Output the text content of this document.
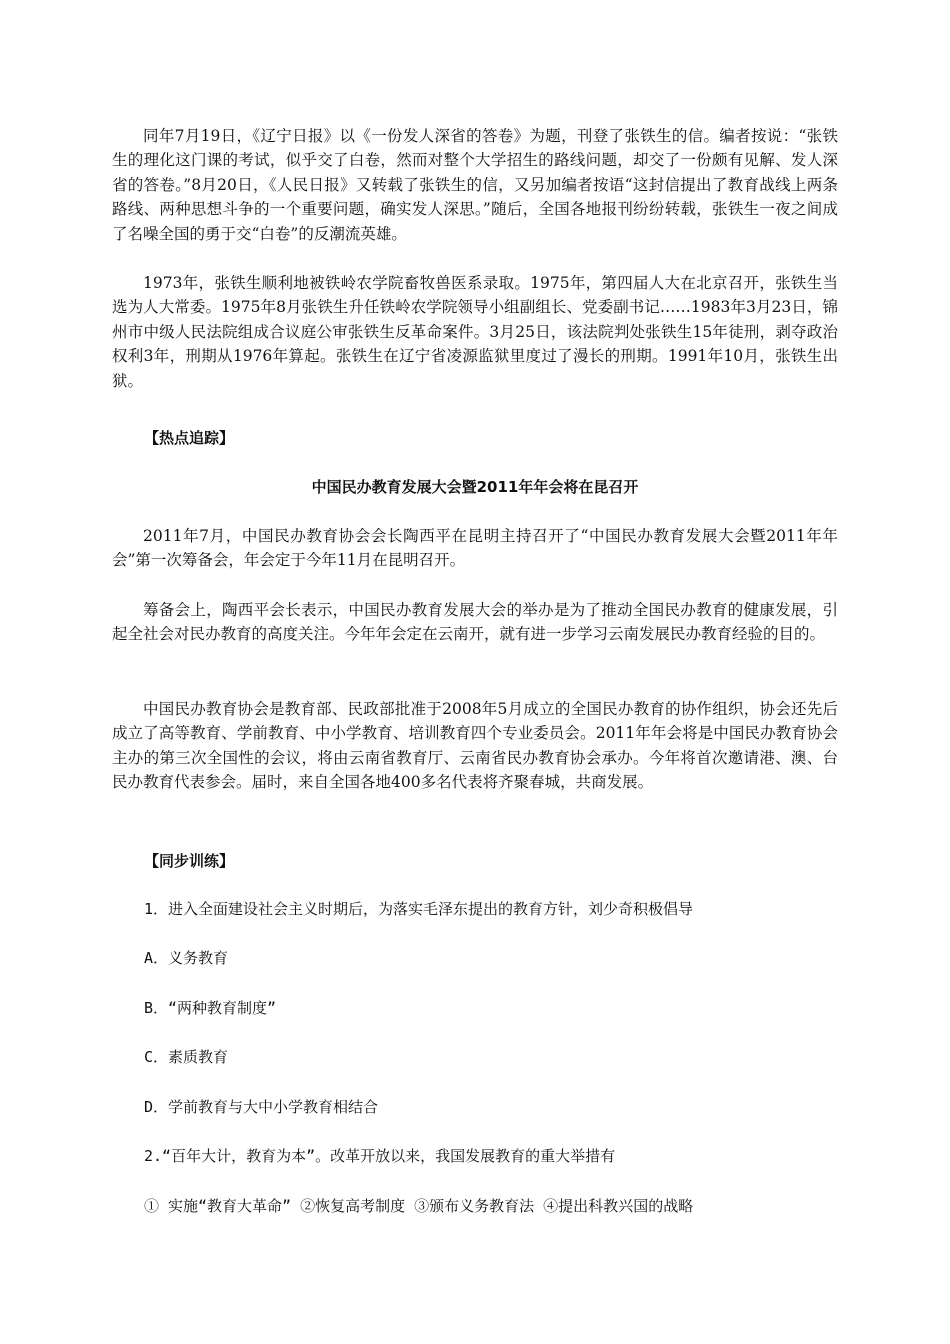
同年7月19日，《辽宁日报》以《一份发人深省的答卷》为题，刊登了张铁生的信。编者按说：“张铁生的理化这门课的考试，似乎交了白卷，然而对整个大学招生的路线问题，却交了一份颇有见解、发人深省的答卷。”8月20日，《人民日报》又转载了张铁生的信，又另加编者按语“这封信提出了教育战线上两条路线、两种思想斗争的一个重要问题，确实发人深思。”随后，全国各地报刊纷纷转载，张铁生一夜之间成了名噪全国的勇于交“白卷”的反潮流英雄。

1973年，张铁生顺利地被铁岭农学院畜牧兽医系录取。1975年，第四届人大在北京召开，张铁生当选为人大常委。1975年8月张铁生升任铁岭农学院领导小组副组长、党委副书记……1983年3月23日，锦州市中级人民法院组成合议庭公审张铁生反革命案件。3月25日，该法院判处张铁生15年徒刑，剥夺政治权利3年，刑期从1976年算起。张铁生在辽宁省凌源监狱里度过了漫长的刑期。1991年10月，张铁生出狱。

【热点追踪】

中国民办教育发展大会暨2011年年会将在昆召开

2011年7月，中国民办教育协会会长陶西平在昆明主持召开了“中国民办教育发展大会暨2011年年会”第一次筹备会，年会定于今年11月在昆明召开。

筹备会上，陶西平会长表示，中国民办教育发展大会的举办是为了推动全国民办教育的健康发展，引起全社会对民办教育的高度关注。今年年会定在云南开，就有进一步学习云南发展民办教育经验的目的。

中国民办教育协会是教育部、民政部批准于2008年5月成立的全国民办教育的协作组织，协会还先后成立了高等教育、学前教育、中小学教育、培训教育四个专业委员会。2011年年会将是中国民办教育协会主办的第三次全国性的会议，将由云南省教育厅、云南省民办教育协会承办。今年将首次邀请港、澳、台民办教育代表参会。届时，来自全国各地400多名代表将齐聚春城，共商发展。

【同步训练】

1．进入全面建设社会主义时期后，为落实毛泽东提出的教育方针，刘少奇积极倡导

A．义务教育

B．“两种教育制度”

C．素质教育

D．学前教育与大中小学教育相结合

2.“百年大计，教育为本”。改革开放以来，我国发展教育的重大举措有

① 实施“教育大革命” ②恢复高考制度 ③颁布义务教育法 ④提出科教兴国的战略
